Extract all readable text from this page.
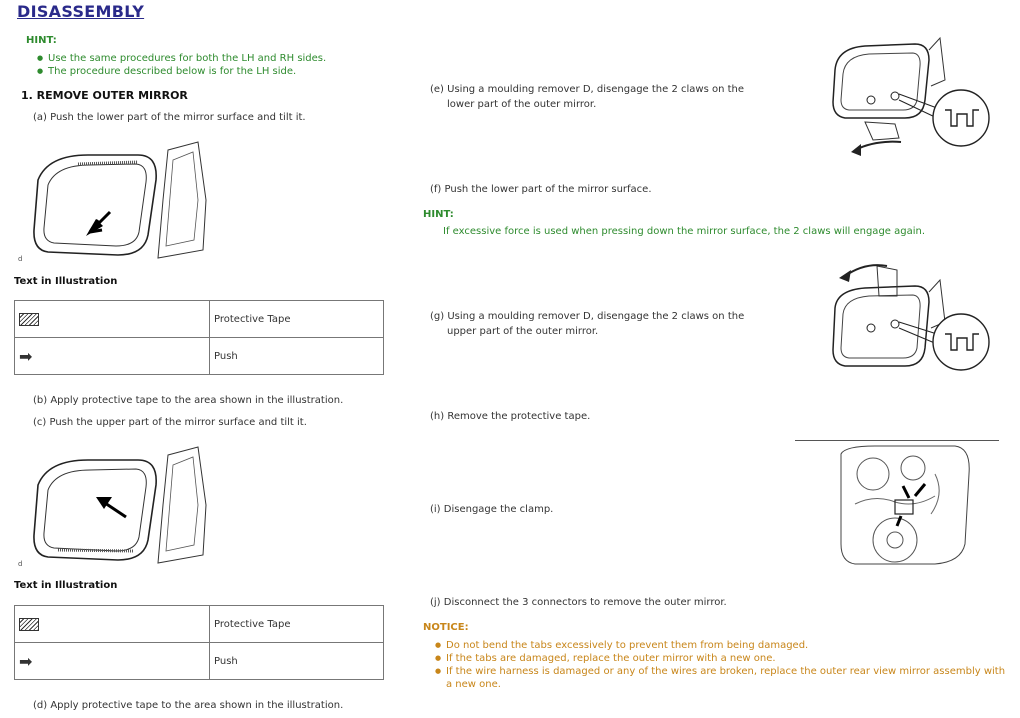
DISASSEMBLY
HINT:
● Use the same procedures for both the LH and RH sides.
● The procedure described below is for the LH side.
1. REMOVE OUTER MIRROR
(a) Push the lower part of the mirror surface and tilt it.
d
Text in Illustration
	Protective Tape
➡	Push
(b) Apply protective tape to the area shown in the illustration.
(c) Push the upper part of the mirror surface and tilt it.
d
Text in Illustration
	Protective Tape
➡	Push
(d) Apply protective tape to the area shown in the illustration.
(e) Using a moulding remover D, disengage the 2 claws on the
lower part of the outer mirror.
(f) Push the lower part of the mirror surface.
HINT:
If excessive force is used when pressing down the mirror surface, the 2 claws will engage again.
(g) Using a moulding remover D, disengage the 2 claws on the
upper part of the outer mirror.
(h) Remove the protective tape.
(i) Disengage the clamp.
(j) Disconnect the 3 connectors to remove the outer mirror.
NOTICE:
● Do not bend the tabs excessively to prevent them from being damaged.
● If the tabs are damaged, replace the outer mirror with a new one.
● If the wire harness is damaged or any of the wires are broken, replace the outer rear view mirror assembly with a new one.
